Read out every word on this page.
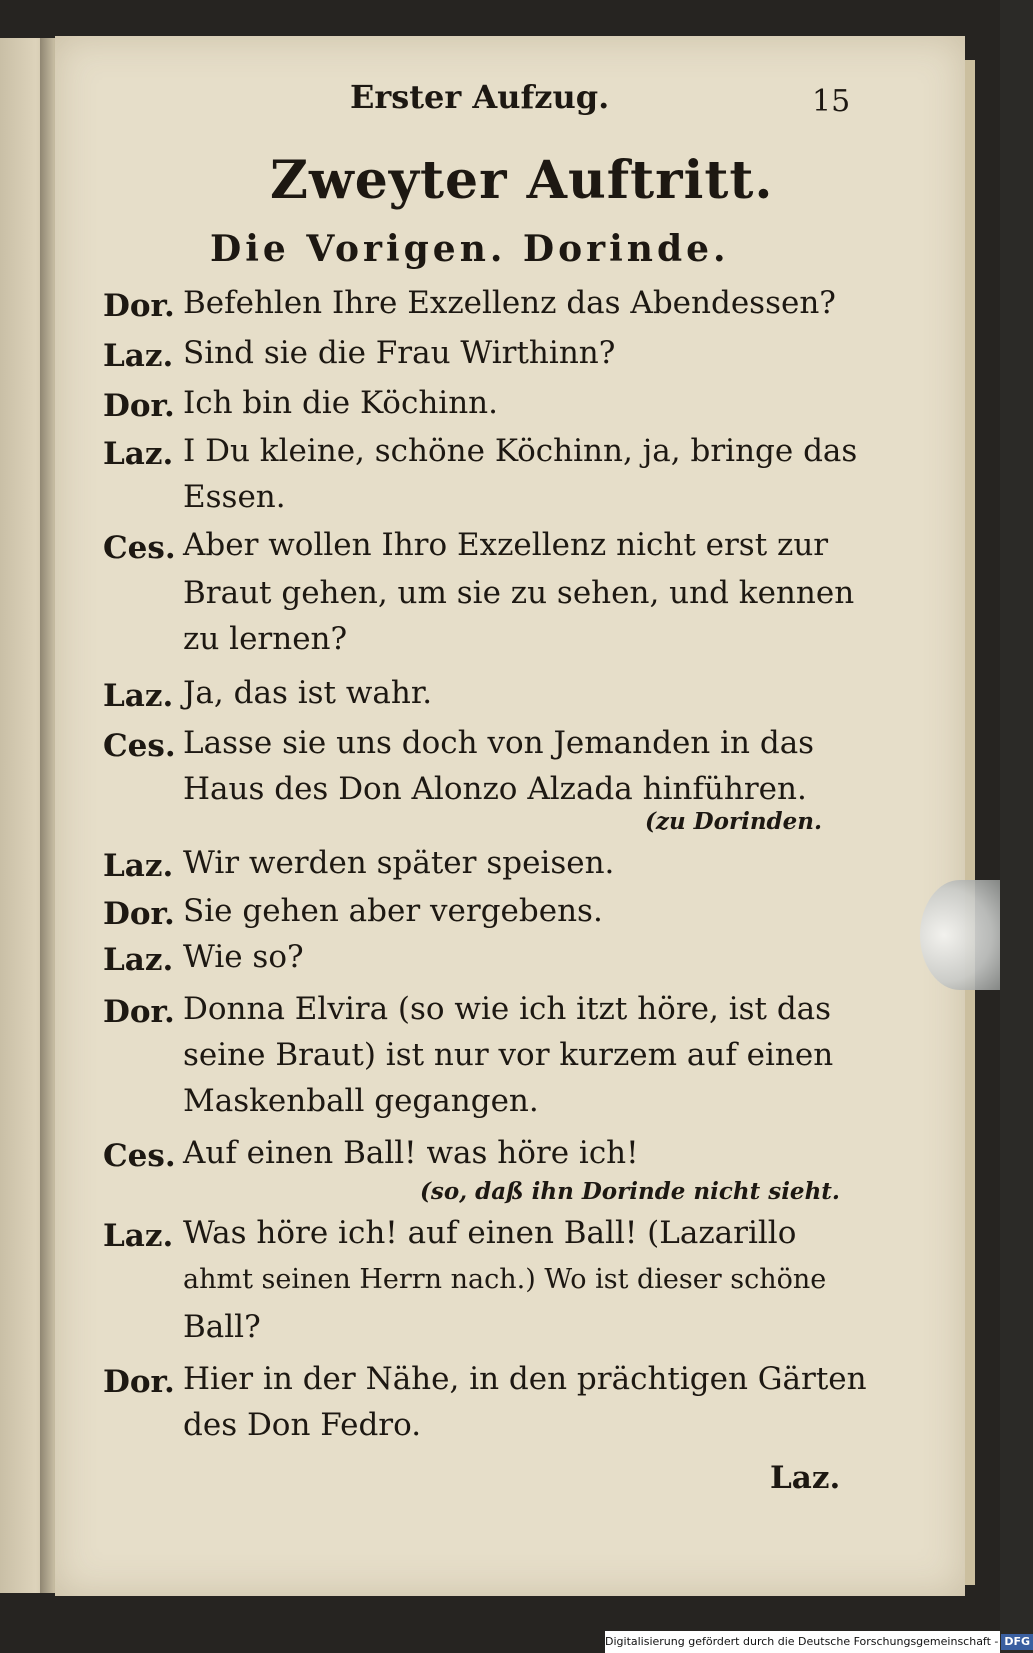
Erster Aufzug.	15
Zweyter Auftritt.
Die Vorigen. Dorinde.
Dor. Befehlen Ihre Exzellenz das Abendessen?
Laz. Sind sie die Frau Wirthinn?
Dor. Ich bin die Köchinn.
Laz. I Du kleine, schöne Köchinn, ja, bringe das
Essen.
Ces. Aber wollen Ihro Exzellenz nicht erst zur
Braut gehen, um sie zu sehen, und kennen
zu lernen?
Laz. Ja, das ist wahr.
Ces. Lasse sie uns doch von Jemanden in das
Haus des Don Alonzo Alzada hinführen.
(zu Dorinden.
Laz. Wir werden später speisen.
Dor. Sie gehen aber vergebens.
Laz. Wie so?
Dor. Donna Elvira (so wie ich itzt höre, ist das
seine Braut) ist nur vor kurzem auf einen
Maskenball gegangen.
Ces. Auf einen Ball! was höre ich!
(so, daß ihn Dorinde nicht sieht.
Laz. Was höre ich! auf einen Ball! (Lazarillo
ahmt seinen Herrn nach.) Wo ist dieser schöne
Ball?
Dor. Hier in der Nähe, in den prächtigen Gärten
des Don Fedro.
Laz.
Digitalisierung gefördert durch die Deutsche Forschungsgemeinschaft - DFG
